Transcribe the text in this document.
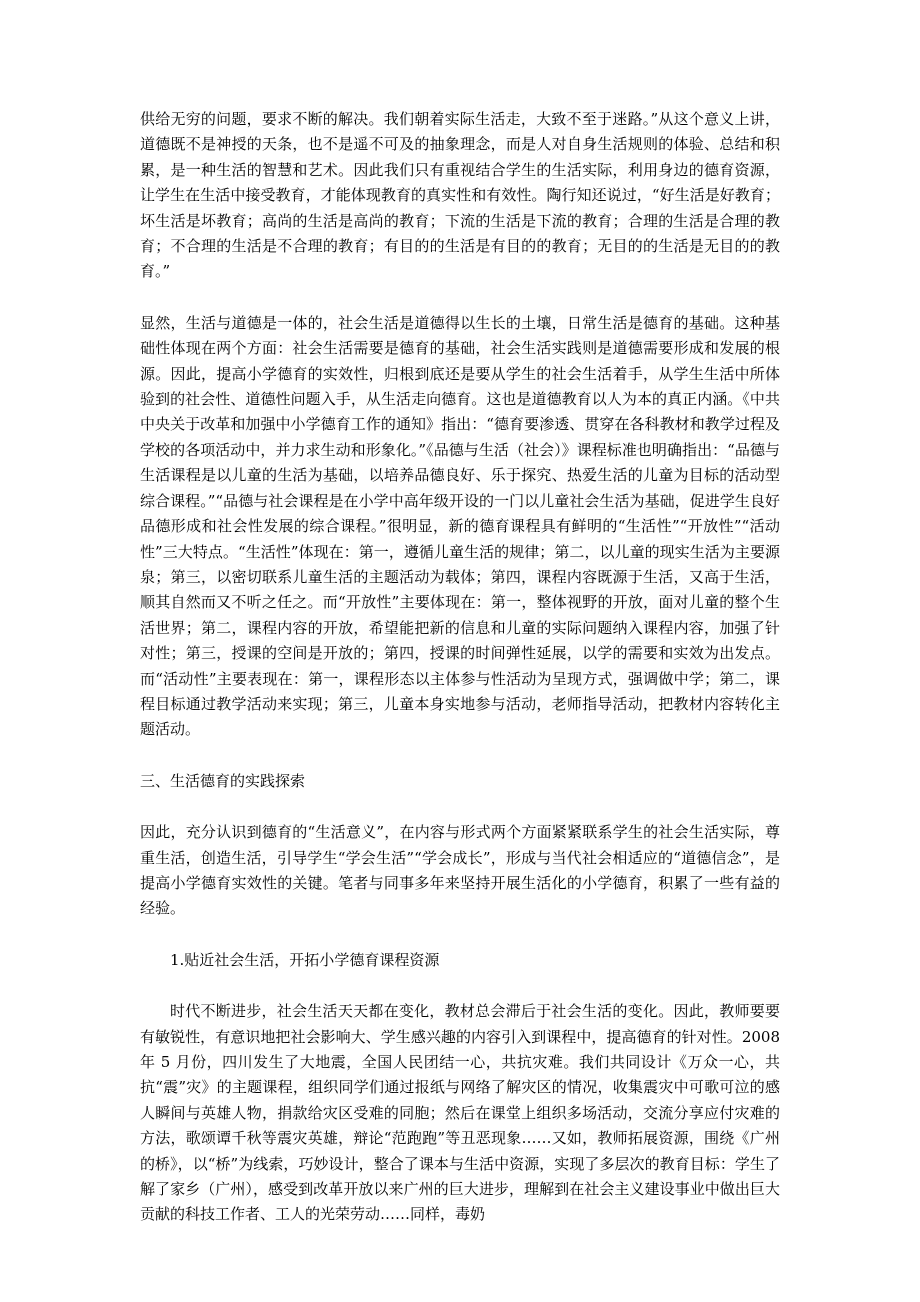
供给无穷的问题，要求不断的解决。我们朝着实际生活走，大致不至于迷路。”从这个意义上讲，道德既不是神授的天条，也不是遥不可及的抽象理念，而是人对自身生活规则的体验、总结和积累，是一种生活的智慧和艺术。因此我们只有重视结合学生的生活实际，利用身边的德育资源，让学生在生活中接受教育，才能体现教育的真实性和有效性。陶行知还说过，“好生活是好教育；坏生活是坏教育；高尚的生活是高尚的教育；下流的生活是下流的教育；合理的生活是合理的教育；不合理的生活是不合理的教育；有目的的生活是有目的的教育；无目的的生活是无目的的教育。”

显然，生活与道德是一体的，社会生活是道德得以生长的土壤，日常生活是德育的基础。这种基础性体现在两个方面：社会生活需要是德育的基础，社会生活实践则是道德需要形成和发展的根源。因此，提高小学德育的实效性，归根到底还是要从学生的社会生活着手，从学生生活中所体验到的社会性、道德性问题入手，从生活走向德育。这也是道德教育以人为本的真正内涵。《中共中央关于改革和加强中小学德育工作的通知》指出：“德育要渗透、贯穿在各科教材和教学过程及学校的各项活动中，并力求生动和形象化。”《品德与生活（社会）》课程标准也明确指出：“品德与生活课程是以儿童的生活为基础，以培养品德良好、乐于探究、热爱生活的儿童为目标的活动型综合课程。”“品德与社会课程是在小学中高年级开设的一门以儿童社会生活为基础，促进学生良好品德形成和社会性发展的综合课程。”很明显，新的德育课程具有鲜明的“生活性”“开放性”“活动性”三大特点。“生活性”体现在：第一，遵循儿童生活的规律；第二，以儿童的现实生活为主要源泉；第三，以密切联系儿童生活的主题活动为载体；第四，课程内容既源于生活，又高于生活，顺其自然而又不听之任之。而“开放性”主要体现在：第一，整体视野的开放，面对儿童的整个生活世界；第二，课程内容的开放，希望能把新的信息和儿童的实际问题纳入课程内容，加强了针对性；第三，授课的空间是开放的；第四，授课的时间弹性延展，以学的需要和实效为出发点。而“活动性”主要表现在：第一，课程形态以主体参与性活动为呈现方式，强调做中学；第二，课程目标通过教学活动来实现；第三，儿童本身实地参与活动，老师指导活动，把教材内容转化主题活动。

三、生活德育的实践探索

因此，充分认识到德育的“生活意义”，在内容与形式两个方面紧紧联系学生的社会生活实际，尊重生活，创造生活，引导学生“学会生活”“学会成长”，形成与当代社会相适应的“道德信念”，是提高小学德育实效性的关键。笔者与同事多年来坚持开展生活化的小学德育，积累了一些有益的经验。

1.贴近社会生活，开拓小学德育课程资源

时代不断进步，社会生活天天都在变化，教材总会滞后于社会生活的变化。因此，教师要要有敏锐性，有意识地把社会影响大、学生感兴趣的内容引入到课程中，提高德育的针对性。2008 年 5 月份，四川发生了大地震，全国人民团结一心，共抗灾难。我们共同设计《万众一心，共抗“震”灾》的主题课程，组织同学们通过报纸与网络了解灾区的情况，收集震灾中可歌可泣的感人瞬间与英雄人物，捐款给灾区受难的同胞；然后在课堂上组织多场活动，交流分享应付灾难的方法，歌颂谭千秋等震灾英雄，辩论“范跑跑”等丑恶现象……又如，教师拓展资源，围绕《广州的桥》，以“桥”为线索，巧妙设计，整合了课本与生活中资源，实现了多层次的教育目标：学生了解了家乡（广州），感受到改革开放以来广州的巨大进步，理解到在社会主义建设事业中做出巨大贡献的科技工作者、工人的光荣劳动……同样，毒奶
